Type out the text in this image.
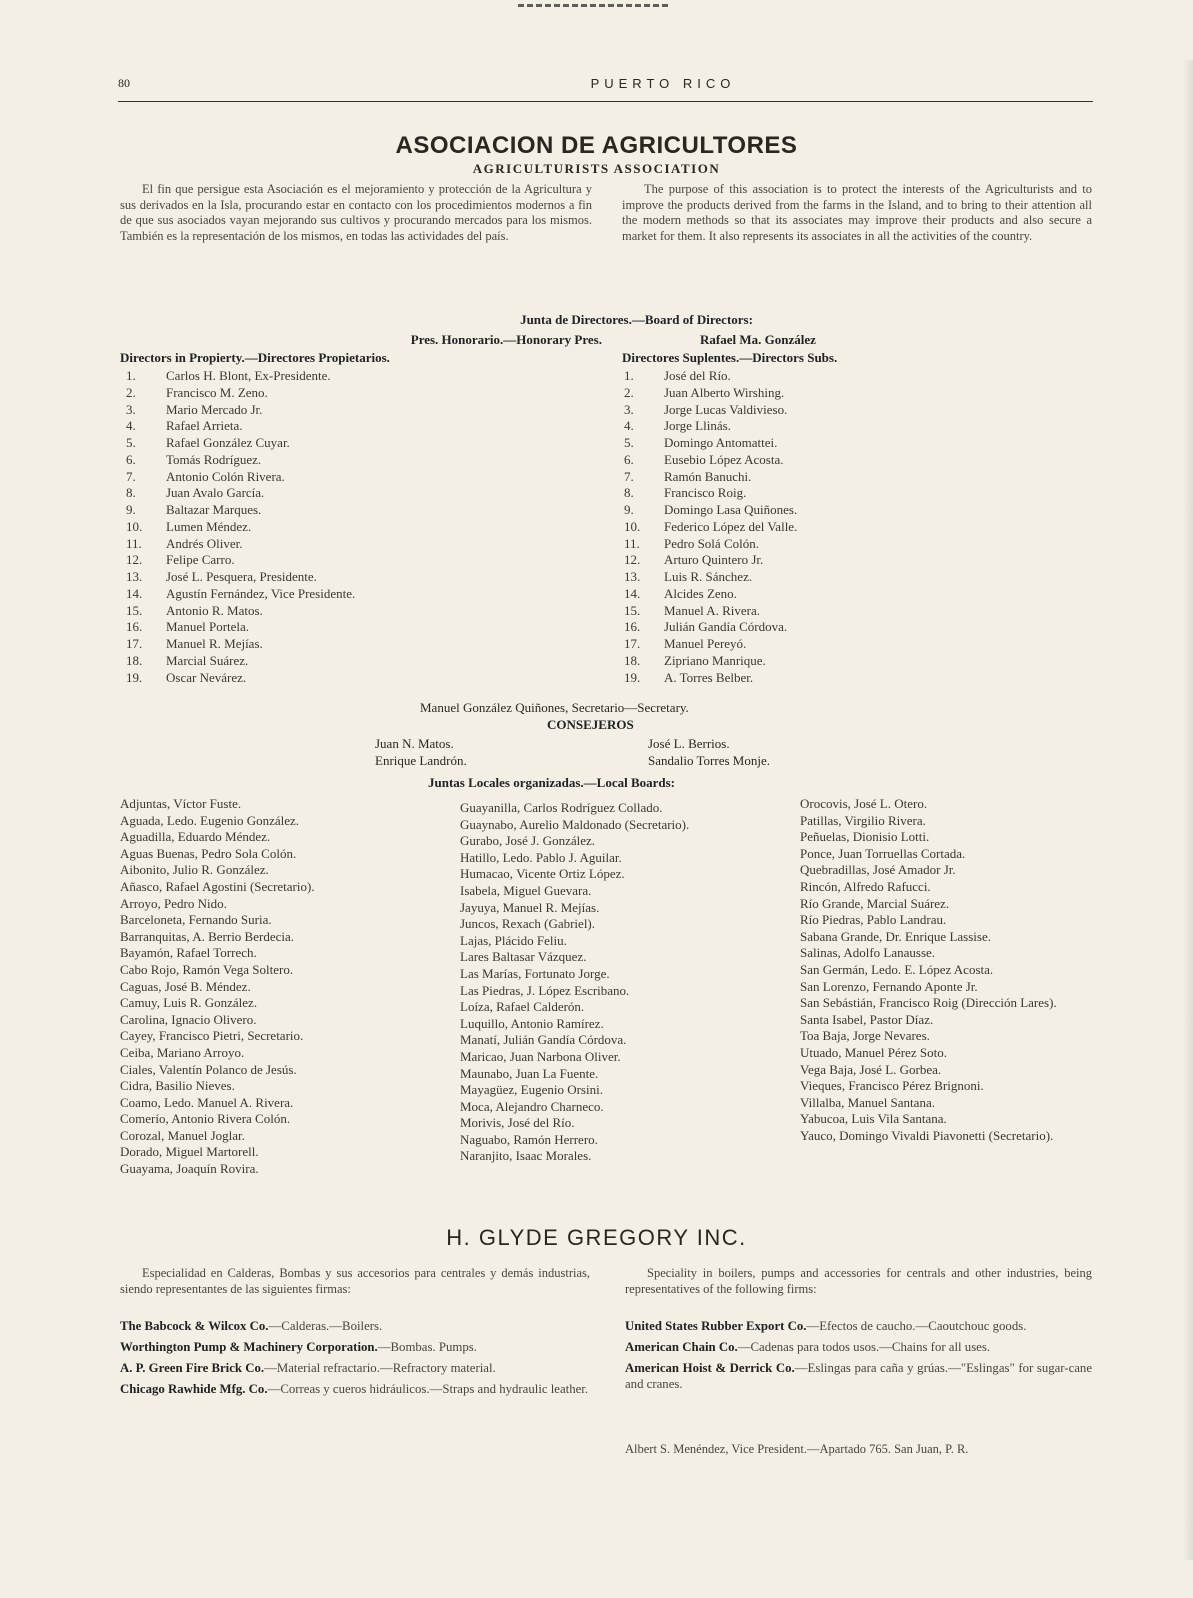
80	PUERTO RICO
ASOCIACION DE AGRICULTORES
AGRICULTURISTS ASSOCIATION
El fin que persigue esta Asociación es el mejoramiento y protección de la Agricultura y sus derivados en la Isla, procurando estar en contacto con los procedimientos modernos a fin de que sus asociados vayan mejorando sus cultivos y procurando mercados para los mismos. También es la representación de los mismos, en todas las actividades del país.
The purpose of this association is to protect the interests of the Agriculturists and to improve the products derived from the farms in the Island, and to bring to their attention all the modern methods so that its associates may improve their products and also secure a market for them. It also represents its associates in all the activities of the country.
Junta de Directores.—Board of Directors:
Pres. Honorario.—Honorary Pres.	Rafael Ma. González
Directors in Propierty.—Directores Propietarios.	Directores Suplentes.—Directors Subs.
1. Carlos H. Blont, Ex-Presidente.
2. Francisco M. Zeno.
3. Mario Mercado Jr.
4. Rafael Arrieta.
5. Rafael González Cuyar.
6. Tomás Rodríguez.
7. Antonio Colón Rivera.
8. Juan Avalo García.
9. Baltazar Marques.
10. Lumen Méndez.
11. Andrés Oliver.
12. Felipe Carro.
13. José L. Pesquera, Presidente.
14. Agustín Fernández, Vice Presidente.
15. Antonio R. Matos.
16. Manuel Portela.
17. Manuel R. Mejías.
18. Marcial Suárez.
19. Oscar Nevárez.
1. José del Río.
2. Juan Alberto Wirshing.
3. Jorge Lucas Valdivieso.
4. Jorge Llinás.
5. Domingo Antomattei.
6. Eusebio López Acosta.
7. Ramón Banuchi.
8. Francisco Roig.
9. Domingo Lasa Quiñones.
10. Federico López del Valle.
11. Pedro Solá Colón.
12. Arturo Quintero Jr.
13. Luis R. Sánchez.
14. Alcides Zeno.
15. Manuel A. Rivera.
16. Julián Gandía Córdova.
17. Manuel Pereyó.
18. Zipriano Manrique.
19. A. Torres Belber.
Manuel González Quiñones, Secretario—Secretary.
CONSEJEROS
Juan N. Matos.
Enrique Landrón.
José L. Berrios.
Sandalio Torres Monje.
Juntas Locales organizadas.—Local Boards:
Adjuntas, Víctor Fuste.
Aguada, Ledo. Eugenio González.
Aguadilla, Eduardo Méndez.
Aguas Buenas, Pedro Sola Colón.
Aibonito, Julio R. González.
Añasco, Rafael Agostini (Secretario).
Arroyo, Pedro Nido.
Barceloneta, Fernando Suria.
Barranquitas, A. Berrio Berdecia.
Bayamón, Rafael Torrech.
Cabo Rojo, Ramón Vega Soltero.
Caguas, José B. Méndez.
Camuy, Luis R. González.
Carolina, Ignacio Olivero.
Cayey, Francisco Pietri, Secretario.
Ceiba, Mariano Arroyo.
Ciales, Valentín Polanco de Jesús.
Cidra, Basilio Nieves.
Coamo, Ledo. Manuel A. Rivera.
Comerío, Antonio Rivera Colón.
Corozal, Manuel Joglar.
Dorado, Miguel Martorell.
Guayama, Joaquín Rovira.
Guayanilla, Carlos Rodríguez Collado.
Guaynabo, Aurelio Maldonado (Secretario).
Gurabo, José J. González.
Hatillo, Ledo. Pablo J. Aguilar.
Humacao, Vicente Ortiz López.
Isabela, Miguel Guevara.
Jayuya, Manuel R. Mejías.
Juncos, Rexach (Gabriel).
Lajas, Plácido Feliu.
Lares Baltasar Vázquez.
Las Marías, Fortunato Jorge.
Las Piedras, J. López Escribano.
Loíza, Rafael Calderón.
Luquillo, Antonio Ramírez.
Manatí, Julián Gandía Córdova.
Maricao, Juan Narbona Oliver.
Maunabo, Juan La Fuente.
Mayagüez, Eugenio Orsini.
Moca, Alejandro Charneco.
Morivis, José del Río.
Naguabo, Ramón Herrero.
Naranjito, Isaac Morales.
Orocovis, José L. Otero.
Patillas, Virgilio Rivera.
Peñuelas, Dionisio Lotti.
Ponce, Juan Torruellas Cortada.
Quebradillas, José Amador Jr.
Rincón, Alfredo Rafucci.
Río Grande, Marcial Suárez.
Río Piedras, Pablo Landrau.
Sabana Grande, Dr. Enrique Lassise.
Salinas, Adolfo Lanausse.
San Germán, Ledo. E. López Acosta.
San Lorenzo, Fernando Aponte Jr.
San Sebástián, Francisco Roig (Dirección Lares).
Santa Isabel, Pastor Díaz.
Toa Baja, Jorge Nevares.
Utuado, Manuel Pérez Soto.
Vega Baja, José L. Gorbea.
Vieques, Francisco Pérez Brignoni.
Villalba, Manuel Santana.
Yabucoa, Luis Vila Santana.
Yauco, Domingo Vivaldi Piavonetti (Secretario).
H. GLYDE GREGORY INC.
Especialidad en Calderas, Bombas y sus accesorios para centrales y demás industrias, siendo representantes de las siguientes firmas:
Speciality in boilers, pumps and accessories for centrals and other industries, being representatives of the following firms:
The Babcock & Wilcox Co.—Calderas.—Boilers.
Worthington Pump & Machinery Corporation.—Bombas. Pumps.
A. P. Green Fire Brick Co.—Material refractario.—Refractory material.
Chicago Rawhide Mfg. Co.—Correas y cueros hidráulicos.—Straps and hydraulic leather.
United States Rubber Export Co.—Efectos de caucho.—Caoutchouc goods.
American Chain Co.—Cadenas para todos usos.—Chains for all uses.
American Hoist & Derrick Co.—Eslingas para caña y grúas.—"Eslingas" for sugar-cane and cranes.
Albert S. Menéndez, Vice President.—Apartado 765. San Juan, P. R.
